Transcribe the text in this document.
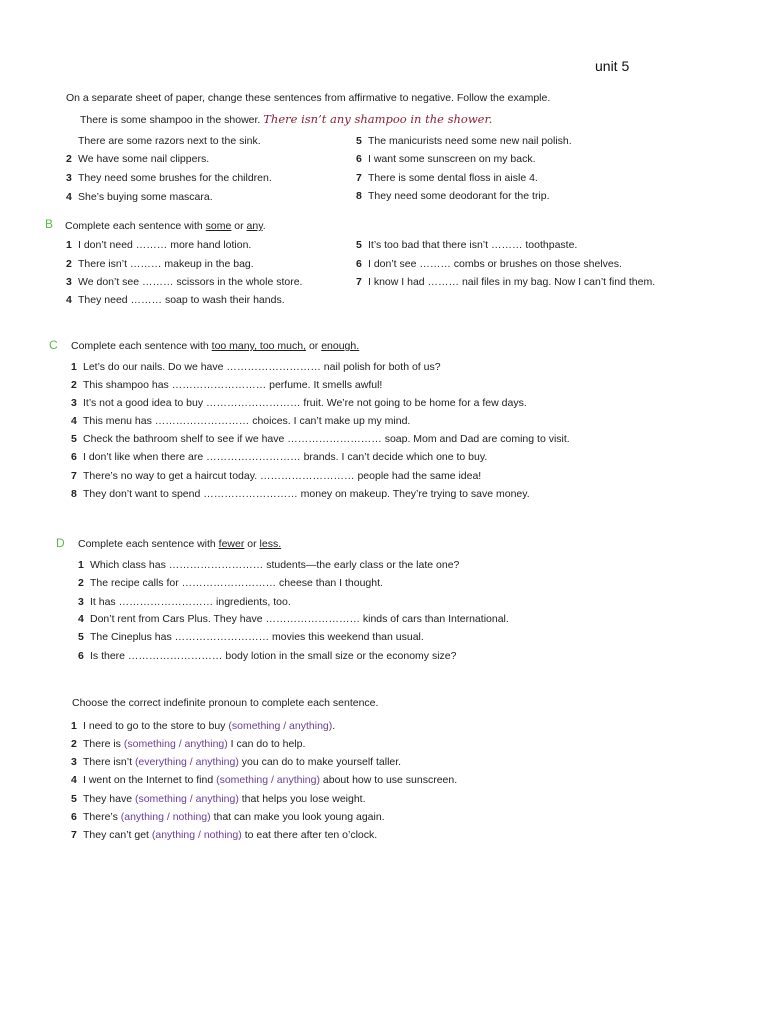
unit 5
On a separate sheet of paper, change these sentences from affirmative to negative. Follow the example.
There is some shampoo in the shower. There isn’t any shampoo in the shower.
There are some razors next to the sink.
2 We have some nail clippers.
3 They need some brushes for the children.
4 She’s buying some mascara.
5 The manicurists need some new nail polish.
6 I want some sunscreen on my back.
7 There is some dental floss in aisle 4.
8 They need some deodorant for the trip.
B Complete each sentence with some or any.
1 I don’t need ……… more hand lotion.
2 There isn’t ……… makeup in the bag.
3 We don’t see ……… scissors in the whole store.
4 They need ……… soap to wash their hands.
5 It’s too bad that there isn’t ……… toothpaste.
6 I don’t see ……… combs or brushes on those shelves.
7 I know I had ……… nail files in my bag. Now I can’t find them.
C Complete each sentence with too many, too much, or enough.
1 Let’s do our nails. Do we have ……………………… nail polish for both of us?
2 This shampoo has ……………………… perfume. It smells awful!
3 It’s not a good idea to buy ……………………… fruit. We’re not going to be home for a few days.
4 This menu has ……………………… choices. I can’t make up my mind.
5 Check the bathroom shelf to see if we have ……………………… soap. Mom and Dad are coming to visit.
6 I don’t like when there are ……………………… brands. I can’t decide which one to buy.
7 There’s no way to get a haircut today. ……………………… people had the same idea!
8 They don’t want to spend ……………………… money on makeup. They’re trying to save money.
D Complete each sentence with fewer or less.
1 Which class has ……………………… students—the early class or the late one?
2 The recipe calls for ……………………… cheese than I thought.
3 It has ……………………… ingredients, too.
4 Don’t rent from Cars Plus. They have ……………………… kinds of cars than International.
5 The Cineplus has ……………………… movies this weekend than usual.
6 Is there ……………………… body lotion in the small size or the economy size?
Choose the correct indefinite pronoun to complete each sentence.
1 I need to go to the store to buy (something / anything).
2 There is (something / anything) I can do to help.
3 There isn’t (everything / anything) you can do to make yourself taller.
4 I went on the Internet to find (something / anything) about how to use sunscreen.
5 They have (something / anything) that helps you lose weight.
6 There’s (anything / nothing) that can make you look young again.
7 They can’t get (anything / nothing) to eat there after ten o’clock.
